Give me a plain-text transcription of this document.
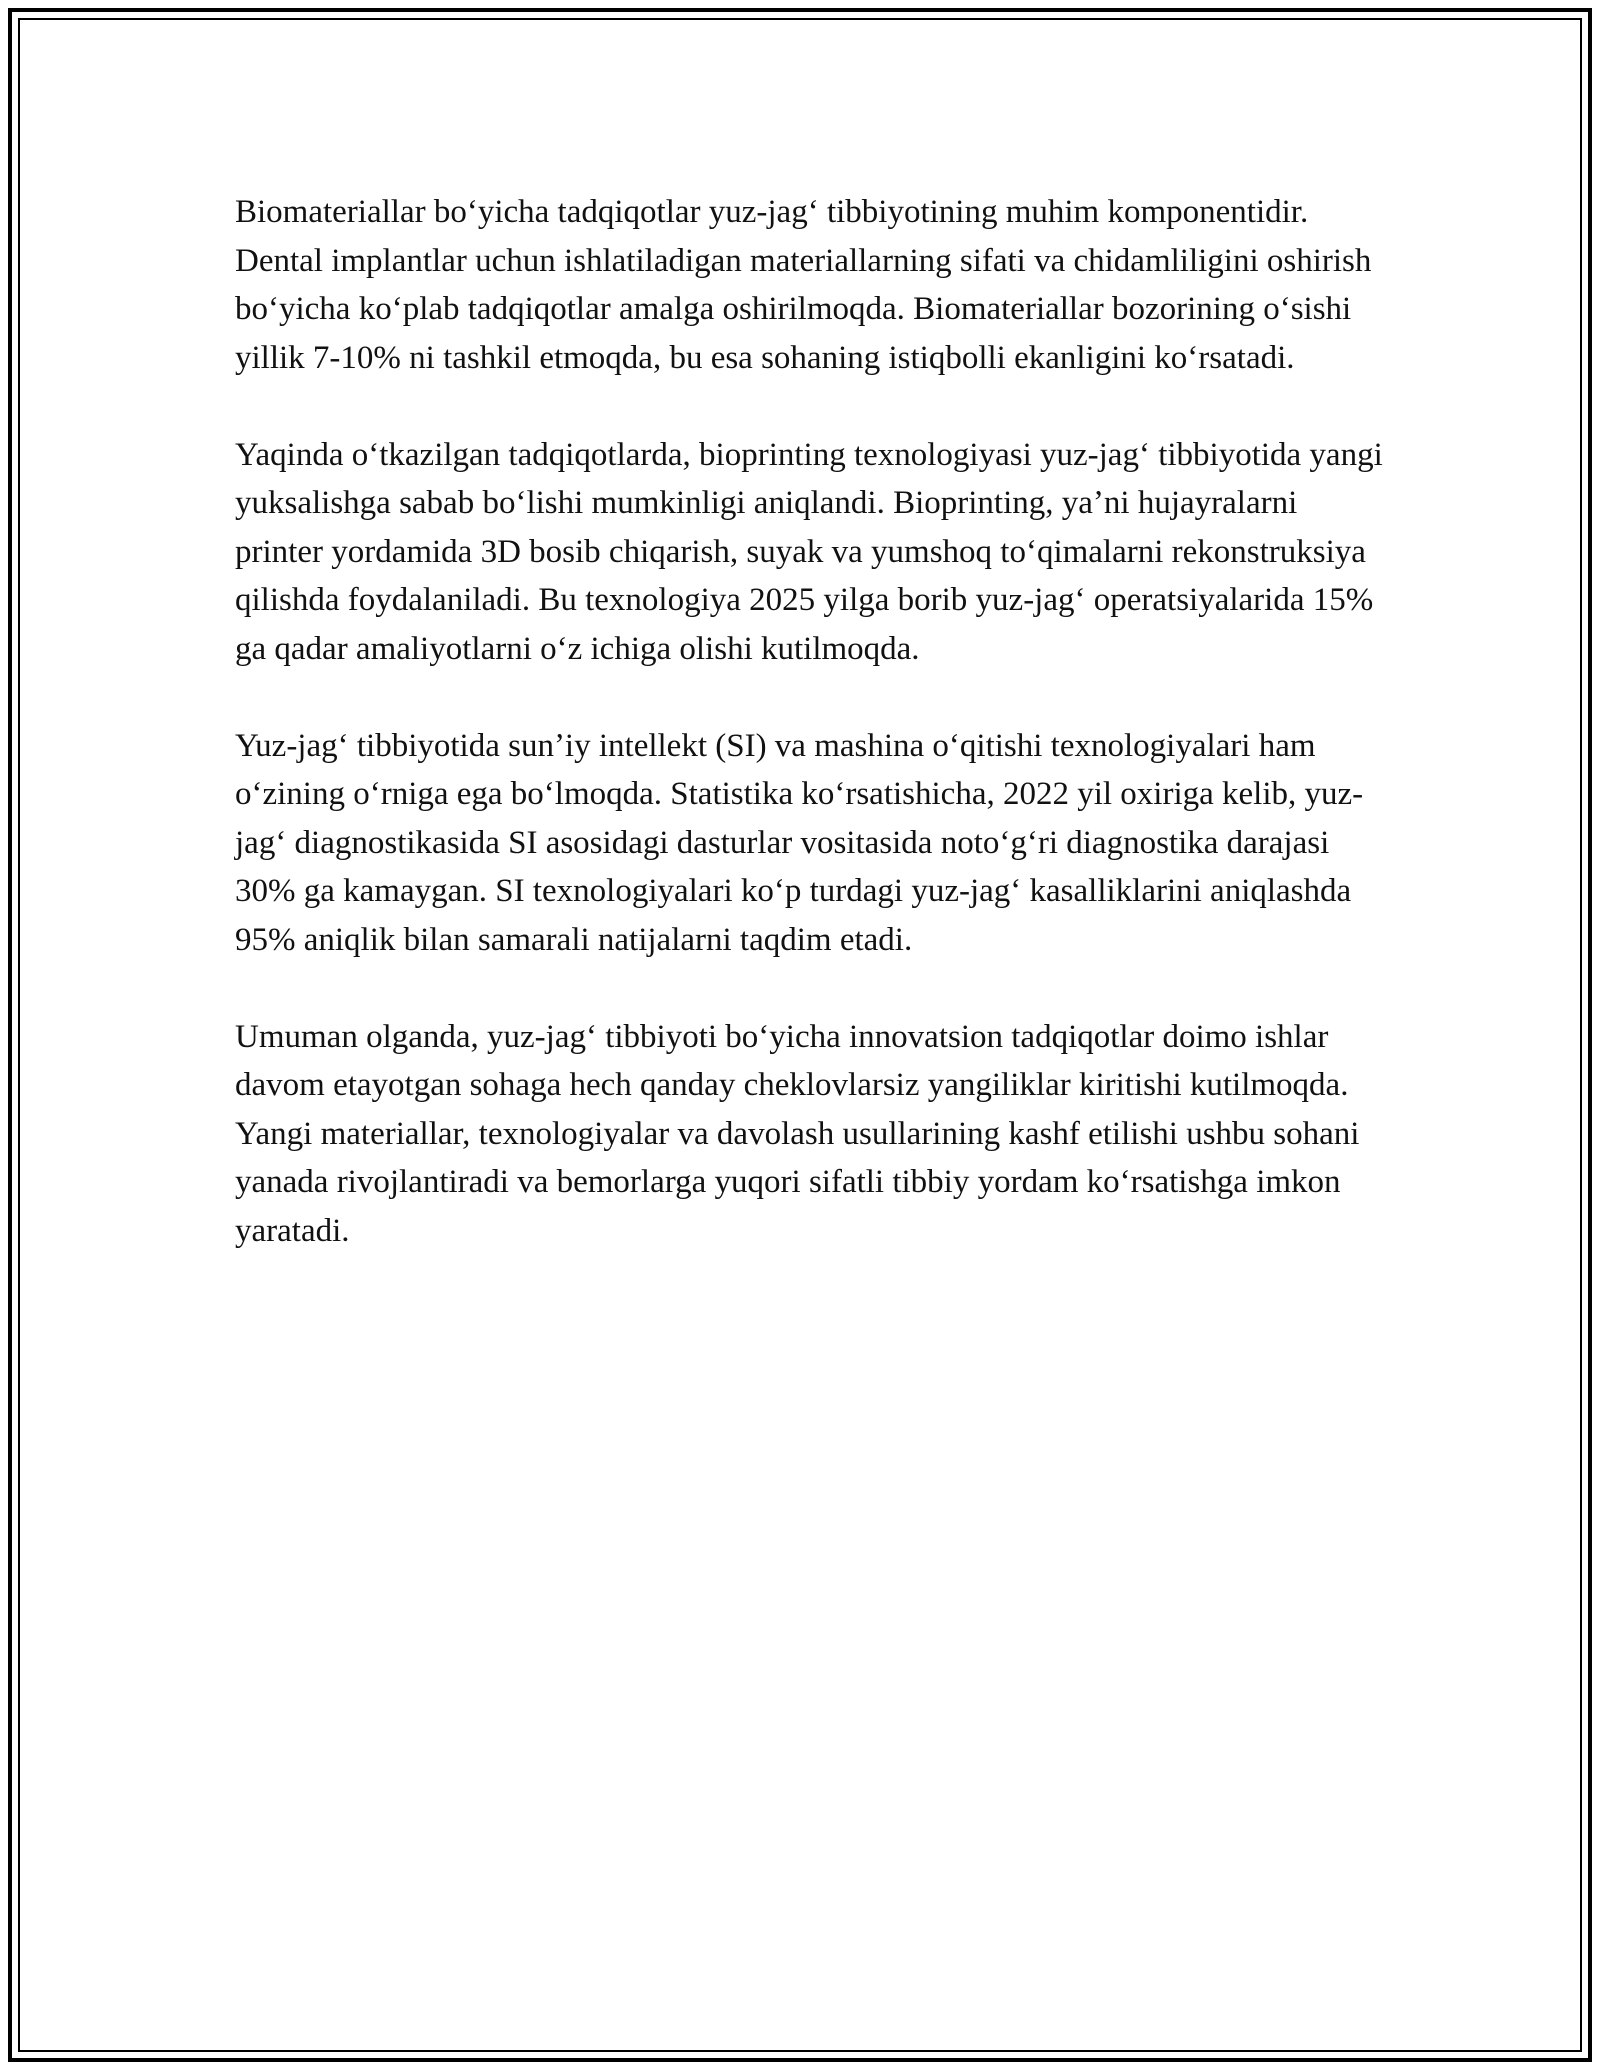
Biomateriallar boʻyicha tadqiqotlar yuz-jagʻ tibbiyotining muhim komponentidir. Dental implantlar uchun ishlatiladigan materiallarning sifati va chidamliligini oshirish boʻyicha koʻplab tadqiqotlar amalga oshirilmoqda. Biomateriallar bozorining oʻsishi yillik 7-10% ni tashkil etmoqda, bu esa sohaning istiqbolli ekanligini koʻrsatadi.

Yaqinda oʻtkazilgan tadqiqotlarda, bioprinting texnologiyasi yuz-jagʻ tibbiyotida yangi yuksalishga sabab boʻlishi mumkinligi aniqlandi. Bioprinting, yaʼni hujayralarni printer yordamida 3D bosib chiqarish, suyak va yumshoq toʻqimalarni rekonstruksiya qilishda foydalaniladi. Bu texnologiya 2025 yilga borib yuz-jagʻ operatsiyalarida 15% ga qadar amaliyotlarni oʻz ichiga olishi kutilmoqda.

Yuz-jagʻ tibbiyotida sunʼiy intellekt (SI) va mashina oʻqitishi texnologiyalari ham oʻzining oʻrniga ega boʻlmoqda. Statistika koʻrsatishicha, 2022 yil oxiriga kelib, yuz-jagʻ diagnostikasida SI asosidagi dasturlar vositasida notoʻgʻri diagnostika darajasi 30% ga kamaygan. SI texnologiyalari koʻp turdagi yuz-jagʻ kasalliklarini aniqlashda 95% aniqlik bilan samarali natijalarni taqdim etadi.

Umuman olganda, yuz-jagʻ tibbiyoti boʻyicha innovatsion tadqiqotlar doimo ishlar davom etayotgan sohaga hech qanday cheklovlarsiz yangiliklar kiritishi kutilmoqda. Yangi materiallar, texnologiyalar va davolash usullarining kashf etilishi ushbu sohani yanada rivojlantiradi va bemorlarga yuqori sifatli tibbiy yordam koʻrsatishga imkon yaratadi.
